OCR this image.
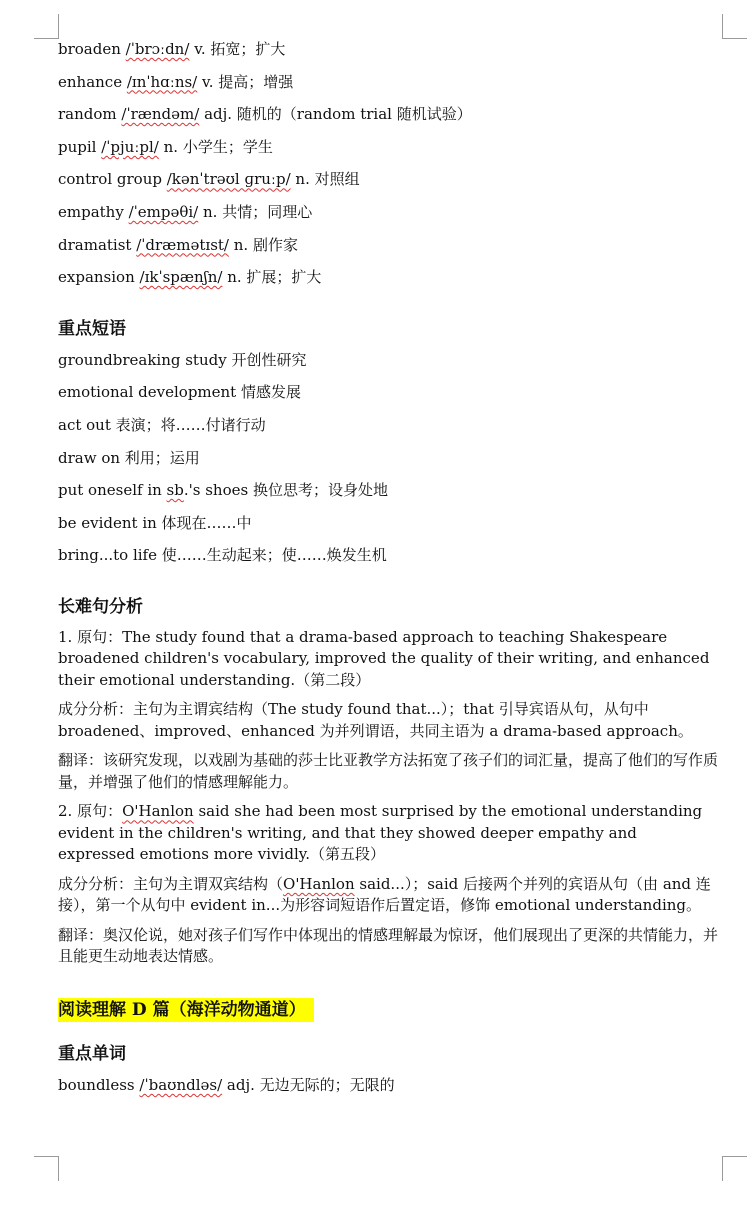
broaden /ˈbrɔːdn/ v. 拓宽；扩大
enhance /ɪnˈhɑːns/ v. 提高；增强
random /ˈrændəm/ adj. 随机的（random trial 随机试验）
pupil /ˈpjuːpl/ n. 小学生；学生
control group /kənˈtrəʊl ɡruːp/ n. 对照组
empathy /ˈempəθi/ n. 共情；同理心
dramatist /ˈdræmətɪst/ n. 剧作家
expansion /ɪkˈspænʃn/ n. 扩展；扩大
重点短语
groundbreaking study 开创性研究
emotional development 情感发展
act out 表演；将……付诸行动
draw on 利用；运用
put oneself in sb.'s shoes 换位思考；设身处地
be evident in 体现在……中
bring...to life 使……生动起来；使……焕发生机
长难句分析
1. 原句：The study found that a drama-based approach to teaching Shakespeare broadened children's vocabulary, improved the quality of their writing, and enhanced their emotional understanding.（第二段）
成分分析：主句为主谓宾结构（The study found that...）；that 引导宾语从句，从句中 broadened、improved、enhanced 为并列谓语，共同主语为 a drama-based approach。
翻译：该研究发现，以戏剧为基础的莎士比亚教学方法拓宽了孩子们的词汇量，提高了他们的写作质量，并增强了他们的情感理解能力。
2. 原句：O'Hanlon said she had been most surprised by the emotional understanding evident in the children's writing, and that they showed deeper empathy and expressed emotions more vividly.（第五段）
成分分析：主句为主谓双宾结构（O'Hanlon said...）；said 后接两个并列的宾语从句（由 and 连接），第一个从句中 evident in...为形容词短语作后置定语，修饰 emotional understanding。
翻译：奥汉伦说，她对孩子们写作中体现出的情感理解最为惊讶，他们展现出了更深的共情能力，并且能更生动地表达情感。
阅读理解 D 篇（海洋动物通道）
重点单词
boundless /ˈbaʊndləs/ adj. 无边无际的；无限的
